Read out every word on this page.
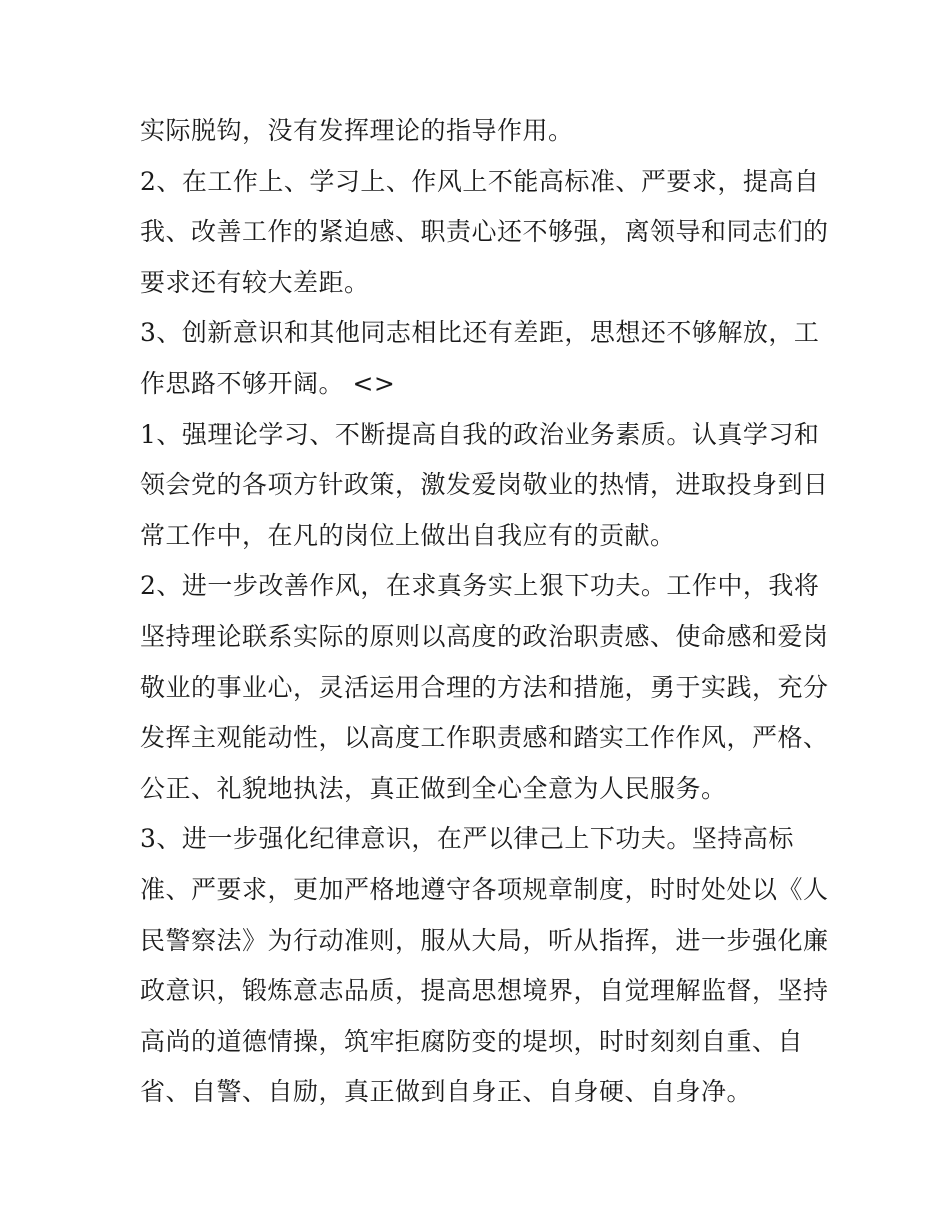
实际脱钩，没有发挥理论的指导作用。
2、在工作上、学习上、作风上不能高标准、严要求，提高自
我、改善工作的紧迫感、职责心还不够强，离领导和同志们的
要求还有较大差距。
3、创新意识和其他同志相比还有差距，思想还不够解放，工
作思路不够开阔。 <>
1、强理论学习、不断提高自我的政治业务素质。认真学习和
领会党的各项方针政策，激发爱岗敬业的热情，进取投身到日
常工作中，在凡的岗位上做出自我应有的贡献。
2、进一步改善作风，在求真务实上狠下功夫。工作中，我将
坚持理论联系实际的原则以高度的政治职责感、使命感和爱岗
敬业的事业心，灵活运用合理的方法和措施，勇于实践，充分
发挥主观能动性，以高度工作职责感和踏实工作作风，严格、
公正、礼貌地执法，真正做到全心全意为人民服务。
3、进一步强化纪律意识，在严以律己上下功夫。坚持高标
准、严要求，更加严格地遵守各项规章制度，时时处处以《人
民警察法》为行动准则，服从大局，听从指挥，进一步强化廉
政意识，锻炼意志品质，提高思想境界，自觉理解监督，坚持
高尚的道德情操，筑牢拒腐防变的堤坝，时时刻刻自重、自
省、自警、自励，真正做到自身正、自身硬、自身净。
